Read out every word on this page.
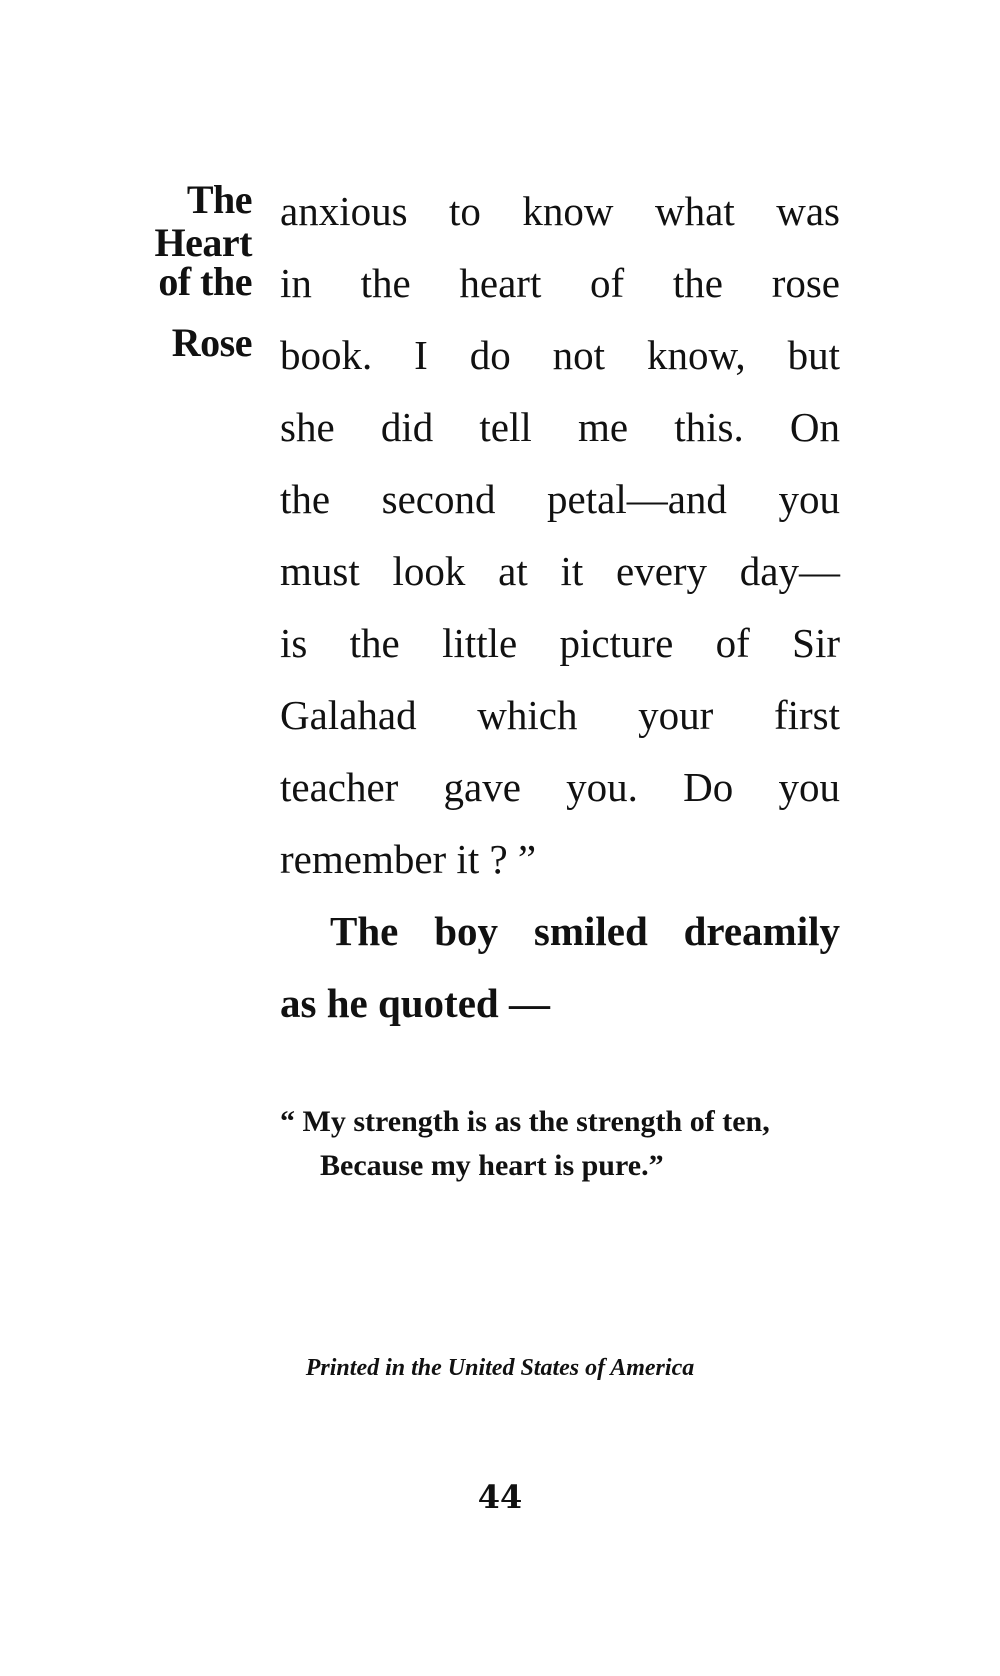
The
Heart
of the
Rose
anxious to know what was
in the heart of the rose
book. I do not know, but
she did tell me this. On
the second petal—and you
must look at it every day—
is the little picture of Sir
Galahad which your first
teacher gave you. Do you
remember it ? ”
The boy smiled dreamily
as he quoted —
“ My strength is as the strength of ten,
Because my heart is pure.”
Printed in the United States of America
44
